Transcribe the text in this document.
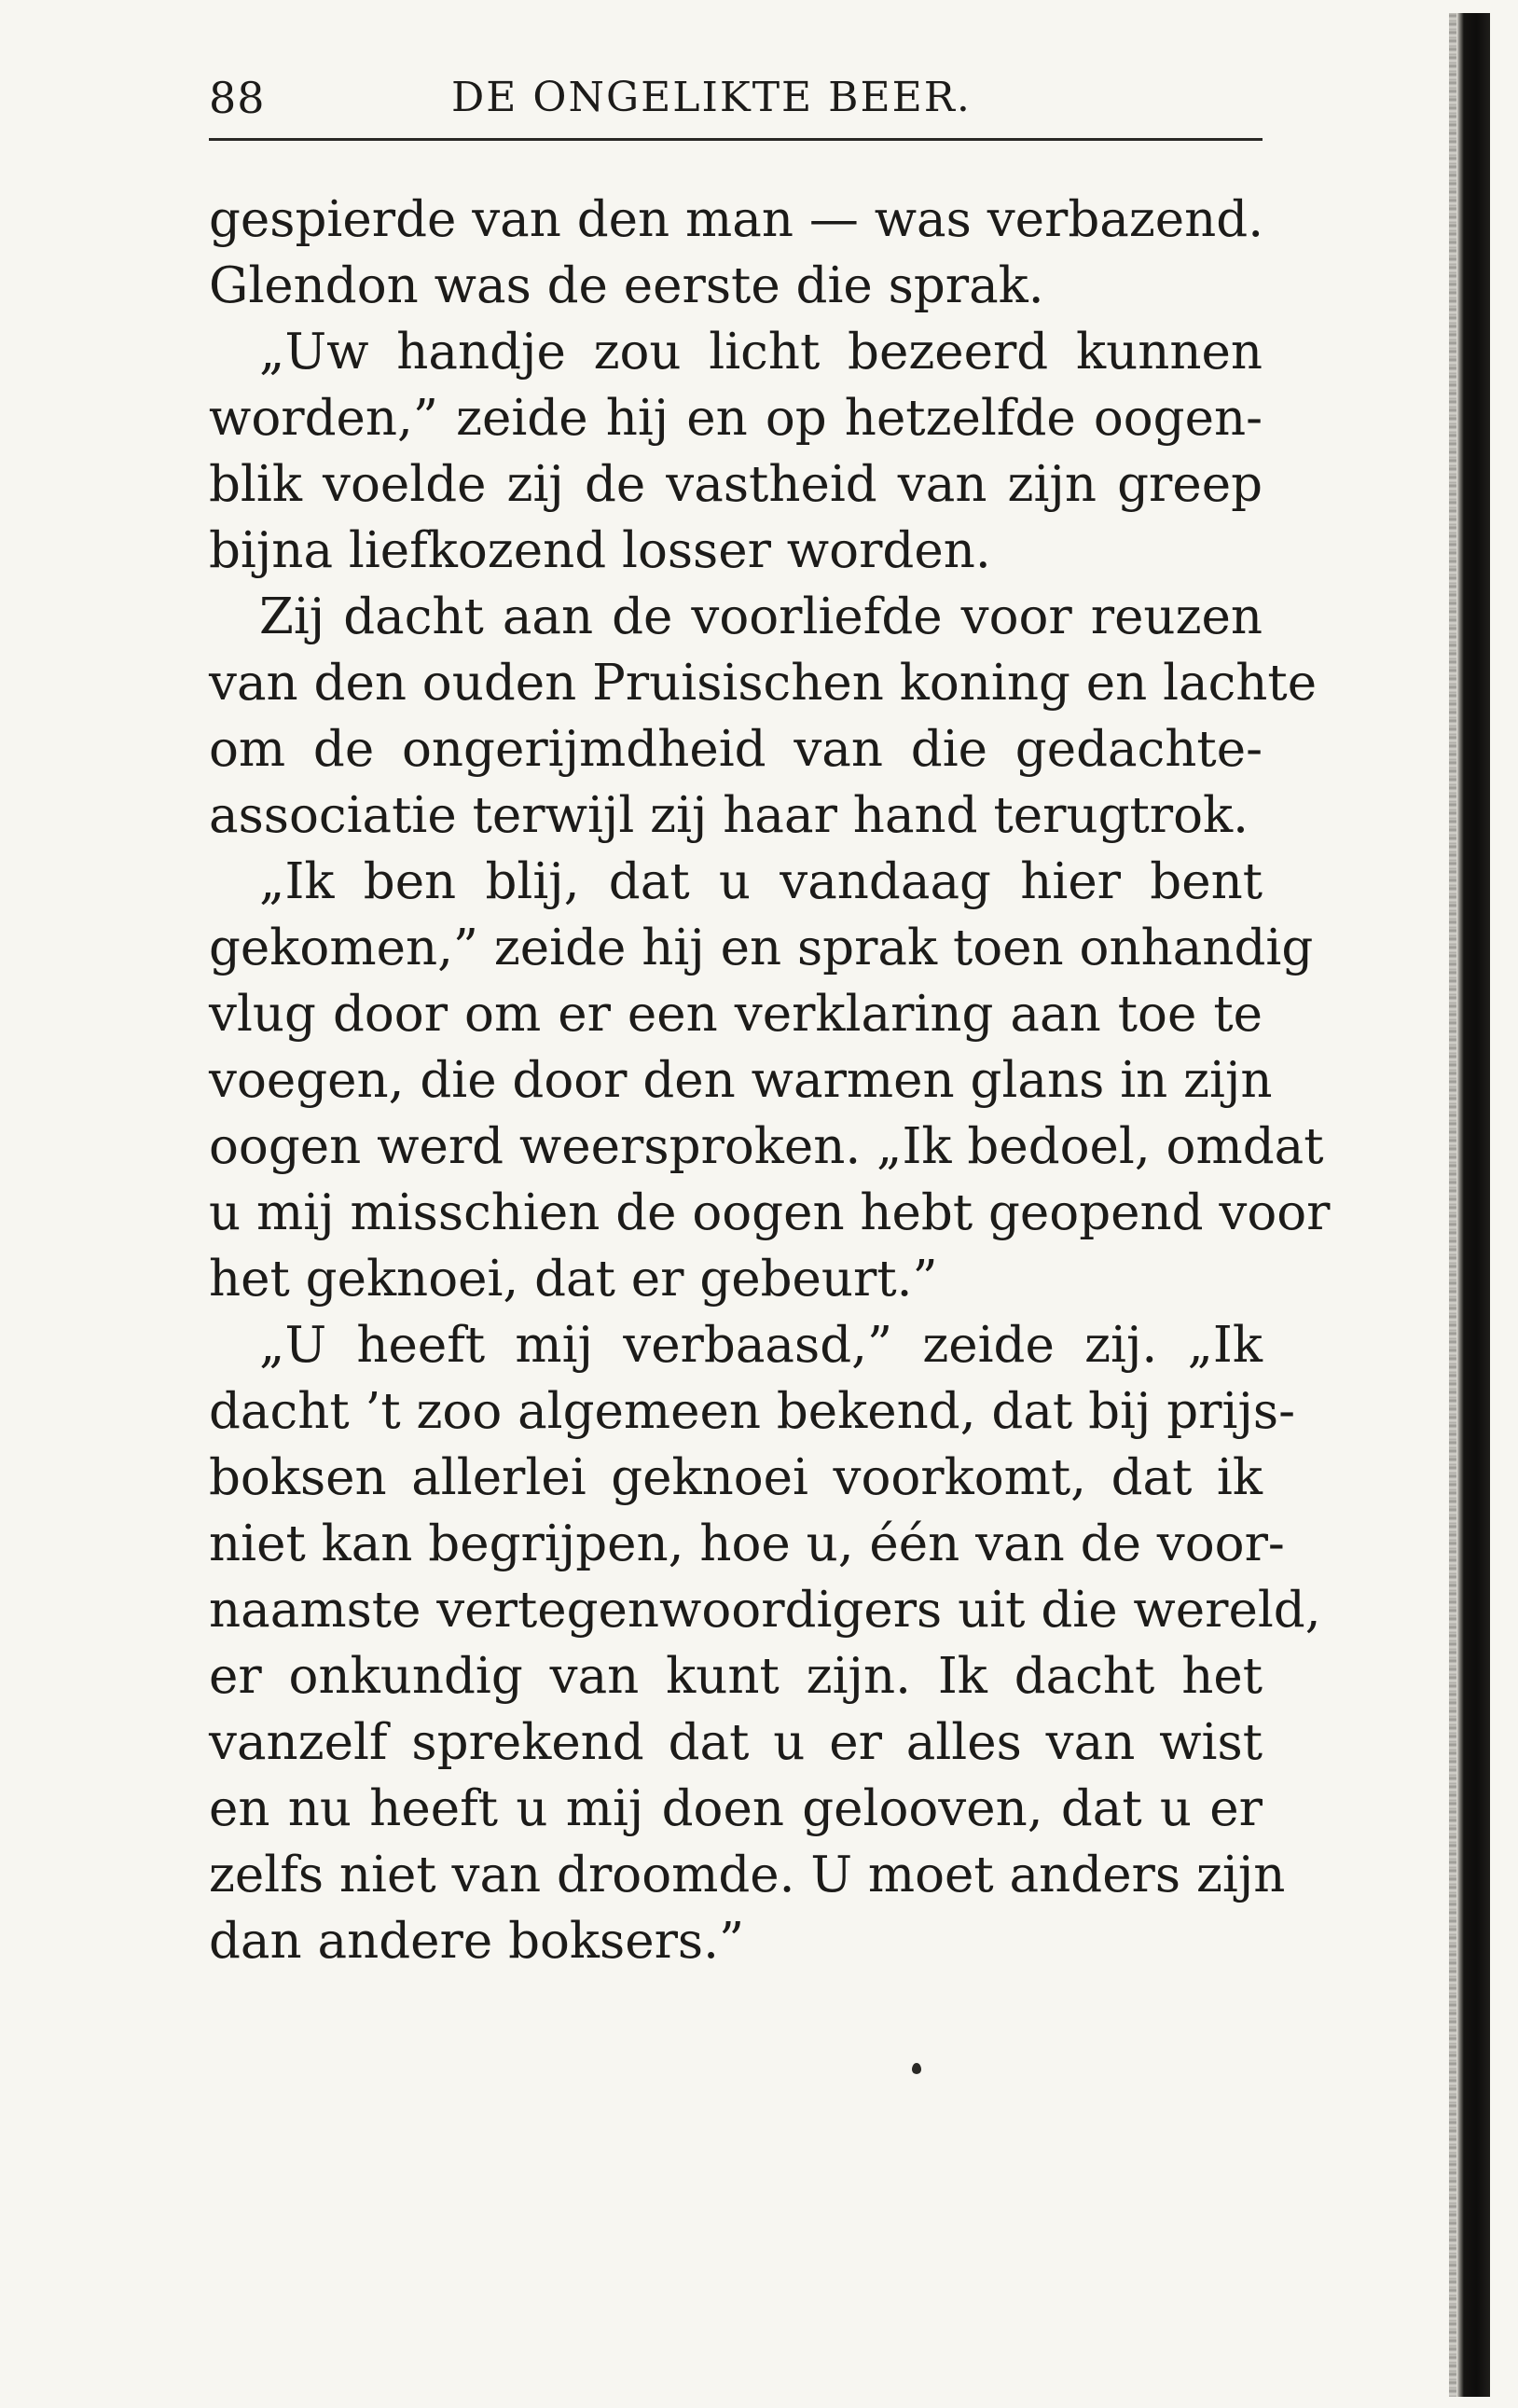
88	DE ONGELIKTE BEER.
gespierde van den man — was verbazend.
Glendon was de eerste die sprak.
„Uw handje zou licht bezeerd kunnen
worden,” zeide hij en op hetzelfde oogen-
blik voelde zij de vastheid van zijn greep
bijna liefkozend losser worden.
Zij dacht aan de voorliefde voor reuzen
van den ouden Pruisischen koning en lachte
om de ongerijmdheid van die gedachte-
associatie terwijl zij haar hand terugtrok.
„Ik ben blij, dat u vandaag hier bent
gekomen,” zeide hij en sprak toen onhandig
vlug door om er een verklaring aan toe te
voegen, die door den warmen glans in zijn
oogen werd weersproken. „Ik bedoel, omdat
u mij misschien de oogen hebt geopend voor
het geknoei, dat er gebeurt.”
„U heeft mij verbaasd,” zeide zij. „Ik
dacht ’t zoo algemeen bekend, dat bij prijs-
boksen allerlei geknoei voorkomt, dat ik
niet kan begrijpen, hoe u, één van de voor-
naamste vertegenwoordigers uit die wereld,
er onkundig van kunt zijn. Ik dacht het
vanzelf sprekend dat u er alles van wist
en nu heeft u mij doen gelooven, dat u er
zelfs niet van droomde. U moet anders zijn
dan andere boksers.”
